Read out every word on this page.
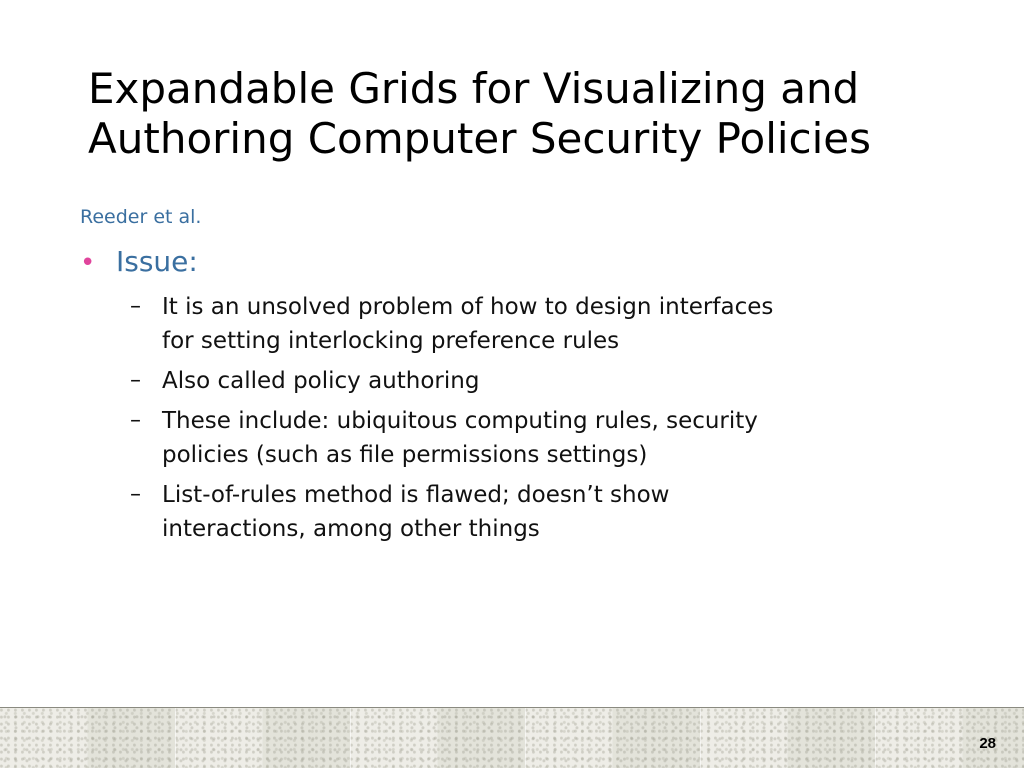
Expandable Grids for Visualizing and
Authoring Computer Security Policies

Reeder et al.

• Issue:
– It is an unsolved problem of how to design interfaces
for setting interlocking preference rules
– Also called policy authoring
– These include: ubiquitous computing rules, security
policies (such as file permissions settings)
– List-of-rules method is flawed; doesn’t show
interactions, among other things
28
